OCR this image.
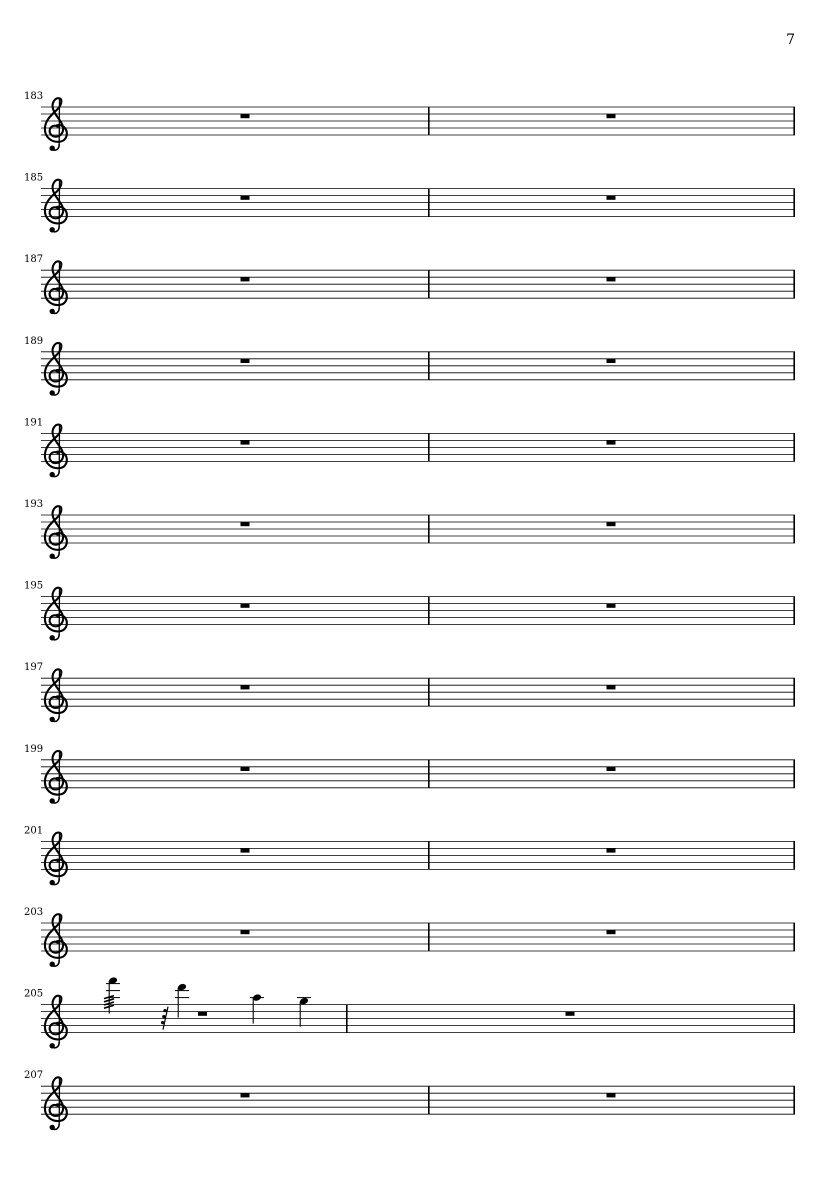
7
183
185
187
189
191
193
195
197
199
201
203
205
207
